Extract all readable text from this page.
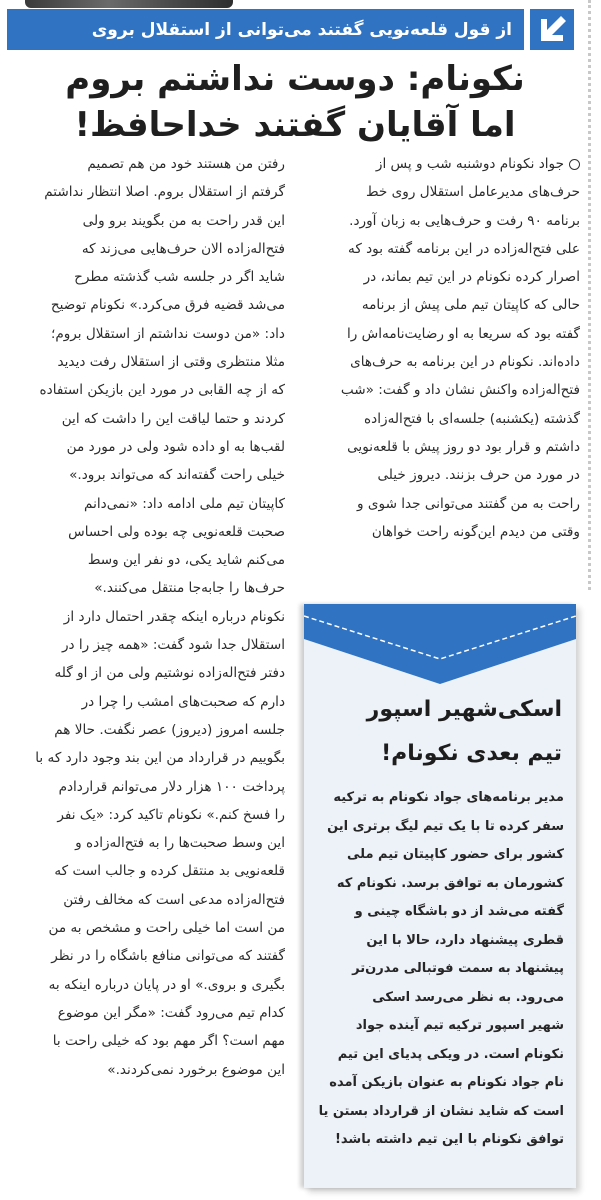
از قول قلعه‌نویی گفتند می‌توانی از استقلال بروی
نکونام: دوست نداشتم بروم
اما آقایان گفتند خداحافظ!

جواد نکونام دوشنبه شب و پس از

حرف‌های مدیرعامل استقلال روی خط

برنامه ۹۰ رفت و حرف‌هایی به زبان آورد.

علی فتح‌اله‌زاده در این برنامه گفته بود که

اصرار کرده نکونام در این تیم بماند، در

حالی که کاپیتان تیم ملی پیش از برنامه

گفته بود که سریعا به او رضایت‌نامه‌اش را

داده‌اند. نکونام در این برنامه به حرف‌های

فتح‌اله‌زاده واکنش نشان داد و گفت: «شب

گذشته (یکشنبه) جلسه‌ای با فتح‌اله‌زاده

داشتم و قرار بود دو روز پیش با قلعه‌نویی

در مورد من حرف بزنند. دیروز خیلی

راحت به من گفتند می‌توانی جدا شوی و

وقتی من دیدم این‌گونه راحت خواهان

رفتن من هستند خود من هم تصمیم

گرفتم از استقلال بروم. اصلا انتظار نداشتم

این قدر راحت به من بگویند برو ولی

فتح‌اله‌زاده الان حرف‌هایی می‌زند که

شاید اگر در جلسه شب گذشته مطرح

می‌شد قضیه فرق می‌کرد.» نکونام توضیح

داد: «من دوست نداشتم از استقلال بروم؛

مثلا منتظری وقتی از استقلال رفت دیدید

که از چه القابی در مورد این بازیکن استفاده

کردند و حتما لیاقت این را داشت که این

لقب‌ها به او داده شود ولی در مورد من

خیلی راحت گفته‌اند که می‌تواند برود.»

کاپیتان تیم ملی ادامه داد: «نمی‌دانم

صحبت قلعه‌نویی چه بوده ولی احساس

می‌کنم شاید یکی، دو نفر این وسط

حرف‌ها را جابه‌جا منتقل می‌کنند.»

نکونام درباره اینکه چقدر احتمال دارد از

استقلال جدا شود گفت: «همه چیز را در

دفتر فتح‌اله‌زاده نوشتیم ولی من از او گله

دارم که صحبت‌های امشب را چرا در

جلسه امروز (دیروز) عصر نگفت. حالا هم

بگوییم در قرارداد من این بند وجود دارد که با

پرداخت ۱۰۰ هزار دلار می‌توانم قراردادم

را فسخ کنم.» نکونام تاکید کرد: «یک نفر

این وسط صحبت‌ها را به فتح‌اله‌زاده و

قلعه‌نویی بد منتقل کرده و جالب است که

فتح‌اله‌زاده مدعی است که مخالف رفتن

من است اما خیلی راحت و مشخص به من

گفتند که می‌توانی منافع باشگاه را در نظر

بگیری و بروی.» او در پایان درباره اینکه به

کدام تیم می‌رود گفت: «مگر این موضوع

مهم است؟ اگر مهم بود که خیلی راحت با

این موضوع برخورد نمی‌کردند.»

اسکی‌شهیر اسپور
تیم بعدی نکونام!

مدیر برنامه‌های جواد نکونام به ترکیه

سفر کرده تا با یک تیم لیگ برتری این

کشور برای حضور کاپیتان تیم ملی

کشورمان به توافق برسد. نکونام که

گفته می‌شد از دو باشگاه چینی و

قطری پیشنهاد دارد، حالا با این

پیشنهاد به سمت فوتبالی مدرن‌تر

می‌رود. به نظر می‌رسد اسکی

شهیر اسپور ترکیه تیم آینده جواد

نکونام است. در ویکی پدیای این تیم

نام جواد نکونام به عنوان بازیکن آمده

است که شاید نشان از قرارداد بستن یا

توافق نکونام با این تیم داشته باشد!
